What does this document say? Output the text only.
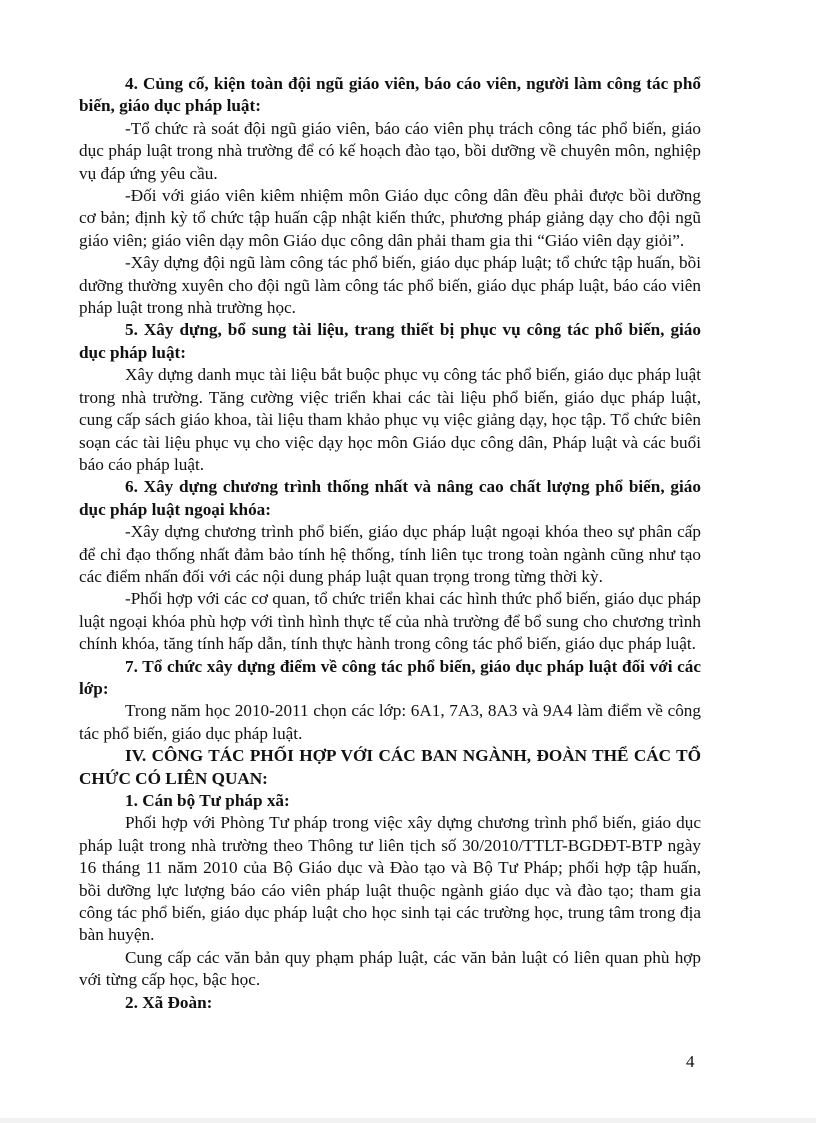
4. Củng cố, kiện toàn đội ngũ giáo viên, báo cáo viên, người làm công tác phổ biến, giáo dục pháp luật:

-Tổ chức rà soát đội ngũ giáo viên, báo cáo viên phụ trách công tác phổ biến, giáo dục pháp luật trong nhà trường để có kế hoạch đào tạo, bồi dưỡng về chuyên môn, nghiệp vụ đáp ứng yêu cầu.

-Đối với giáo viên kiêm nhiệm môn Giáo dục công dân đều phải được bồi dưỡng cơ bản; định kỳ tổ chức tập huấn cập nhật kiến thức, phương pháp giảng dạy cho đội ngũ giáo viên; giáo viên dạy môn Giáo dục công dân phải tham gia thi “Giáo viên dạy giỏi”.

-Xây dựng đội ngũ làm công tác phổ biến, giáo dục pháp luật; tổ chức tập huấn, bồi dưỡng thường xuyên cho đội ngũ làm công tác phổ biến, giáo dục pháp luật, báo cáo viên pháp luật trong nhà trường học.

5. Xây dựng, bổ sung tài liệu, trang thiết bị phục vụ công tác phổ biến, giáo dục pháp luật:

Xây dựng danh mục tài liệu bắt buộc phục vụ công tác phổ biến, giáo dục pháp luật trong nhà trường. Tăng cường việc triển khai các tài liệu phổ biến, giáo dục pháp luật, cung cấp sách giáo khoa, tài liệu tham khảo phục vụ việc giảng dạy, học tập. Tổ chức biên soạn các tài liệu phục vụ cho việc dạy học môn Giáo dục công dân, Pháp luật và các buổi báo cáo pháp luật.

6. Xây dựng chương trình thống nhất và nâng cao chất lượng phổ biến, giáo dục pháp luật ngoại khóa:

-Xây dựng chương trình phổ biến, giáo dục pháp luật ngoại khóa theo sự phân cấp để chỉ đạo thống nhất đảm bảo tính hệ thống, tính liên tục trong toàn ngành cũng như tạo các điểm nhấn đối với các nội dung pháp luật quan trọng trong từng thời kỳ.

-Phối hợp với các cơ quan, tổ chức triển khai các hình thức phổ biến, giáo dục pháp luật ngoại khóa phù hợp với tình hình thực tế của nhà trường để bổ sung cho chương trình chính khóa, tăng tính hấp dẫn, tính thực hành trong công tác phổ biến, giáo dục pháp luật.

7. Tổ chức xây dựng điểm về công tác phổ biến, giáo dục pháp luật đối với các lớp:

Trong năm học 2010-2011 chọn các lớp: 6A1, 7A3, 8A3 và 9A4 làm điểm về công tác phổ biến, giáo dục pháp luật.

IV. CÔNG TÁC PHỐI HỢP VỚI CÁC BAN NGÀNH, ĐOÀN THỂ CÁC TỔ CHỨC CÓ LIÊN QUAN:

1. Cán bộ Tư pháp xã:

Phối hợp với Phòng Tư pháp trong việc xây dựng chương trình phổ biến, giáo dục pháp luật trong nhà trường theo Thông tư liên tịch số 30/2010/TTLT-BGDĐT-BTP ngày 16 tháng 11 năm 2010 của Bộ Giáo dục và Đào tạo và Bộ Tư Pháp; phối hợp tập huấn, bồi dưỡng lực lượng báo cáo viên pháp luật thuộc ngành giáo dục và đào tạo; tham gia công tác phổ biến, giáo dục pháp luật cho học sinh tại các trường học, trung tâm trong địa bàn huyện.

Cung cấp các văn bản quy phạm pháp luật, các văn bản luật có liên quan phù hợp với từng cấp học, bậc học.

2. Xã Đoàn:

4
